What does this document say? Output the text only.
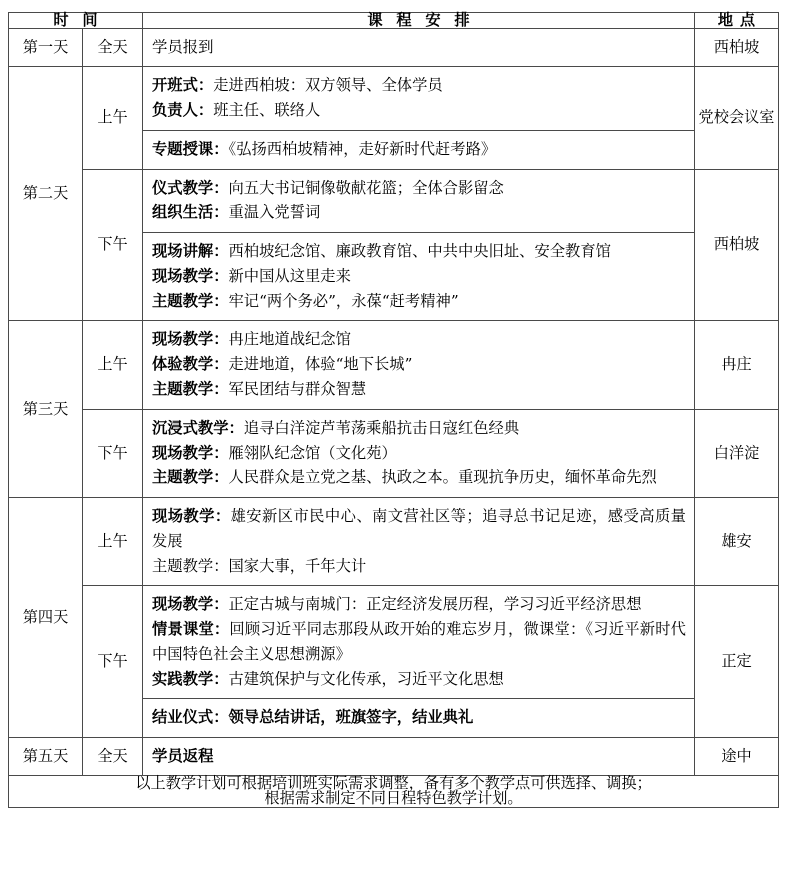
时 间		课 程 安 排	地 点
第一天	全天	学员报到	西柏坡
第二天	上午	开班式：走进西柏坡：双方领导、全体学员
负责人：班主任、联络人
专题授课：《弘扬西柏坡精神，走好新时代赶考路》	党校会议室
	下午	仪式教学：向五大书记铜像敬献花篮；全体合影留念
组织生活：重温入党誓词
现场讲解：西柏坡纪念馆、廉政教育馆、中共中央旧址、安全教育馆
现场教学：新中国从这里走来
主题教学：牢记“两个务必”，永葆“赶考精神”	西柏坡
第三天	上午	现场教学：冉庄地道战纪念馆
体验教学：走进地道，体验“地下长城”
主题教学：军民团结与群众智慧	冉庄
	下午	沉浸式教学：追寻白洋淀芦苇荡乘船抗击日寇红色经典
现场教学：雁翎队纪念馆（文化苑）
主题教学：人民群众是立党之基、执政之本。重现抗争历史，缅怀革命先烈	白洋淀
第四天	上午	现场教学：雄安新区市民中心、南文营社区等；追寻总书记足迹，感受高质量发展
主题教学：国家大事，千年大计	雄安
	下午	现场教学：正定古城与南城门：正定经济发展历程，学习习近平经济思想
情景课堂：回顾习近平同志那段从政开始的难忘岁月，微课堂：《习近平新时代中国特色社会主义思想溯源》
实践教学：古建筑保护与文化传承，习近平文化思想
结业仪式：领导总结讲话，班旗签字，结业典礼	正定
第五天	全天	学员返程	途中

以上教学计划可根据培训班实际需求调整，备有多个教学点可供选择、调换；
根据需求制定不同日程特色教学计划。			
